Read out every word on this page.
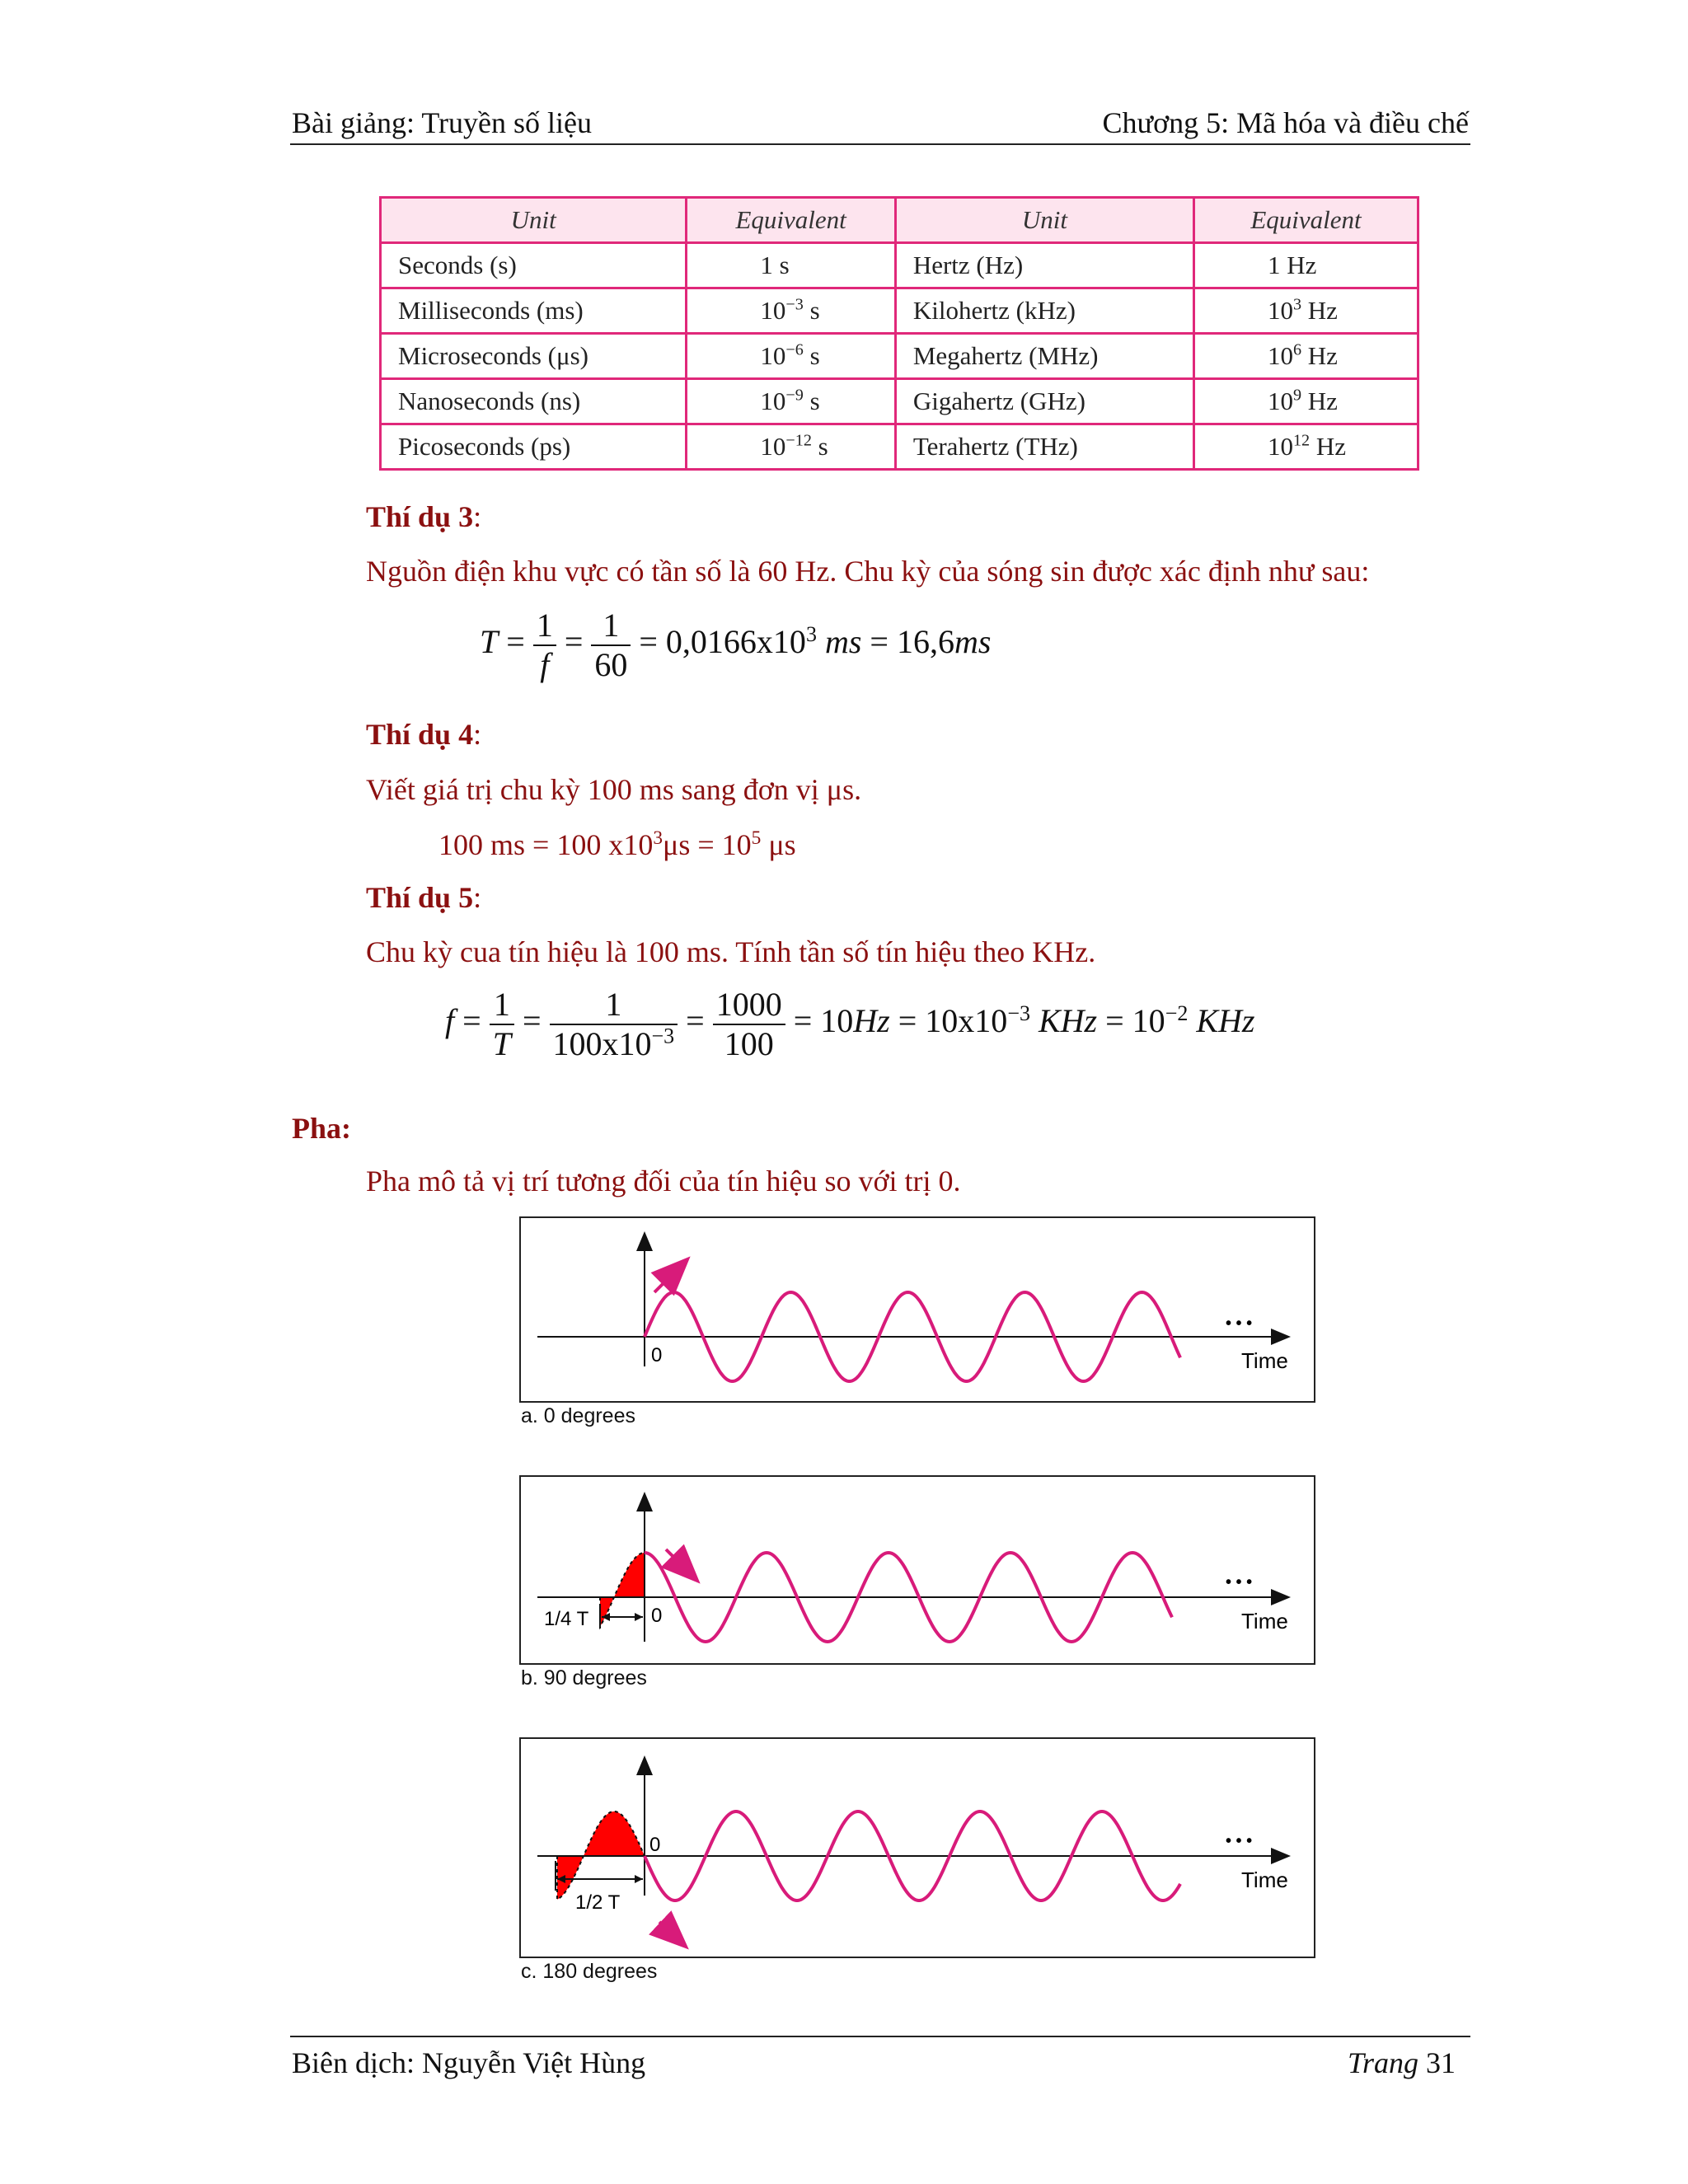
Bài giảng: Truyền số liệu	Chương 5: Mã hóa và điều chế
Unit	Equivalent	Unit	Equivalent
Seconds (s)	1 s	Hertz (Hz)	1 Hz
Milliseconds (ms)	$10^{-3}$ s	Kilohertz (kHz)	$10^3$ Hz
Microseconds (μs)	$10^{-6}$ s	Megahertz (MHz)	$10^6$ Hz
Nanoseconds (ns)	$10^{-9}$ s	Gigahertz (GHz)	$10^9$ Hz
Picoseconds (ps)	$10^{-12}$ s	Terahertz (THz)	$10^{12}$ Hz
Thí dụ 3:
Nguồn điện khu vực có tần số là 60 Hz. Chu kỳ của sóng sin được xác định như sau:
$T = \frac{1}{f} = \frac{1}{60} = 0,0166x10^3$ ms = 16,6ms
Thí dụ 4:
Viết giá trị chu kỳ 100 ms sang đơn vị μs.
100 ms = 100 $x10^3\mu s = 10^5$ μs
Thí dụ 5:
Chu kỳ cua tín hiệu là 100 ms. Tính tần số tín hiệu theo KHz.
$f = \frac{1}{T} = \frac{1}{100x10^{-3}} = \frac{1000}{100} = 10Hz = 10x10^{-3}$ KHz = $10^{-2}$ KHz
Pha:
Pha mô tả vị trí tương đối của tín hiệu so với trị 0.
0	Time
• • •
a. 0 degrees
1/4 T	0	Time
• • •
b. 90 degrees
1/2 T
0
Time
• • •
c. 180 degrees
Biên dịch: Nguyễn Việt Hùng	Trang 31
